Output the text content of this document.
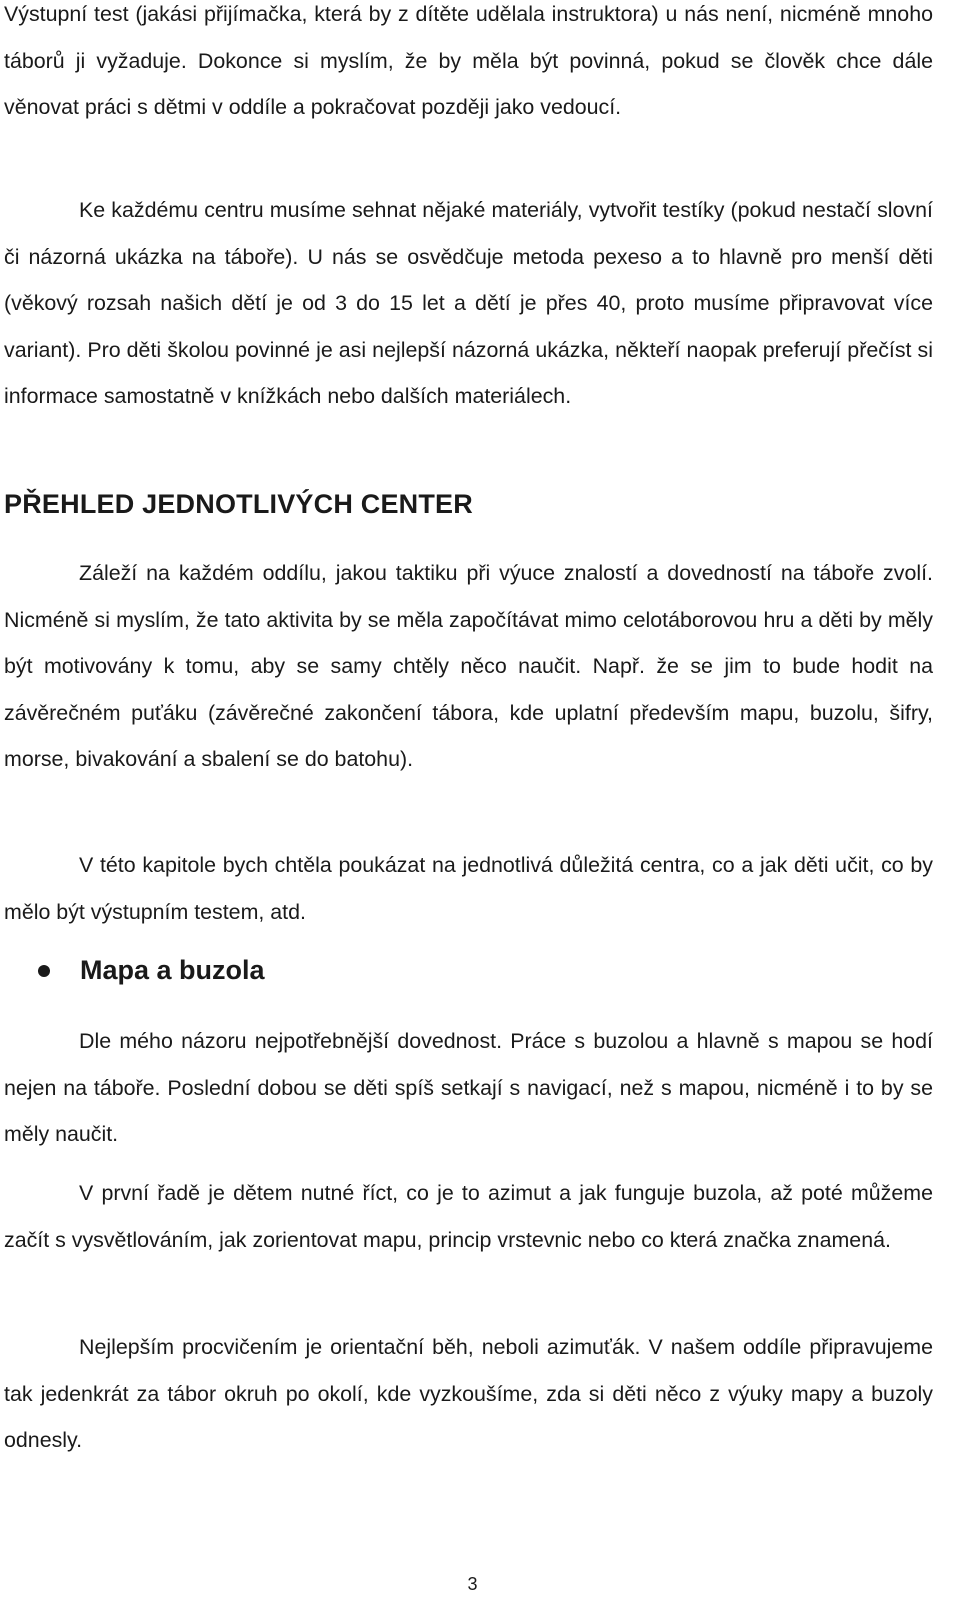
Výstupní test (jakási přijímačka, která by z dítěte udělala instruktora) u nás není, nicméně mnoho táborů ji vyžaduje. Dokonce si myslím, že by měla být povinná, pokud se člověk chce dále věnovat práci s dětmi v oddíle a pokračovat později jako vedoucí.

Ke každému centru musíme sehnat nějaké materiály, vytvořit testíky (pokud nestačí slovní či názorná ukázka na táboře). U nás se osvědčuje metoda pexeso a to hlavně pro menší děti (věkový rozsah našich dětí je od 3 do 15 let a dětí je přes 40, proto musíme připravovat více variant). Pro děti školou povinné je asi nejlepší názorná ukázka, někteří naopak preferují přečíst si informace samostatně v knížkách nebo dalších materiálech.

PŘEHLED JEDNOTLIVÝCH CENTER

Záleží na každém oddílu, jakou taktiku při výuce znalostí a dovedností na táboře zvolí. Nicméně si myslím, že tato aktivita by se měla započítávat mimo celotáborovou hru a děti by měly být motivovány k tomu, aby se samy chtěly něco naučit. Např. že se jim to bude hodit na závěrečném puťáku (závěrečné zakončení tábora, kde uplatní především mapu, buzolu, šifry, morse, bivakování a sbalení se do batohu).

V této kapitole bych chtěla poukázat na jednotlivá důležitá centra, co a jak děti učit, co by mělo být výstupním testem, atd.

Mapa a buzola

Dle mého názoru nejpotřebnější dovednost. Práce s buzolou a hlavně s mapou se hodí nejen na táboře. Poslední dobou se děti spíš setkají s navigací, než s mapou, nicméně i to by se měly naučit.

V první řadě je dětem nutné říct, co je to azimut a jak funguje buzola, až poté můžeme začít s vysvětlováním, jak zorientovat mapu, princip vrstevnic nebo co která značka znamená.

Nejlepším procvičením je orientační běh, neboli azimuťák. V našem oddíle připravujeme tak jedenkrát za tábor okruh po okolí, kde vyzkoušíme, zda si děti něco z výuky mapy a buzoly odnesly.

3
